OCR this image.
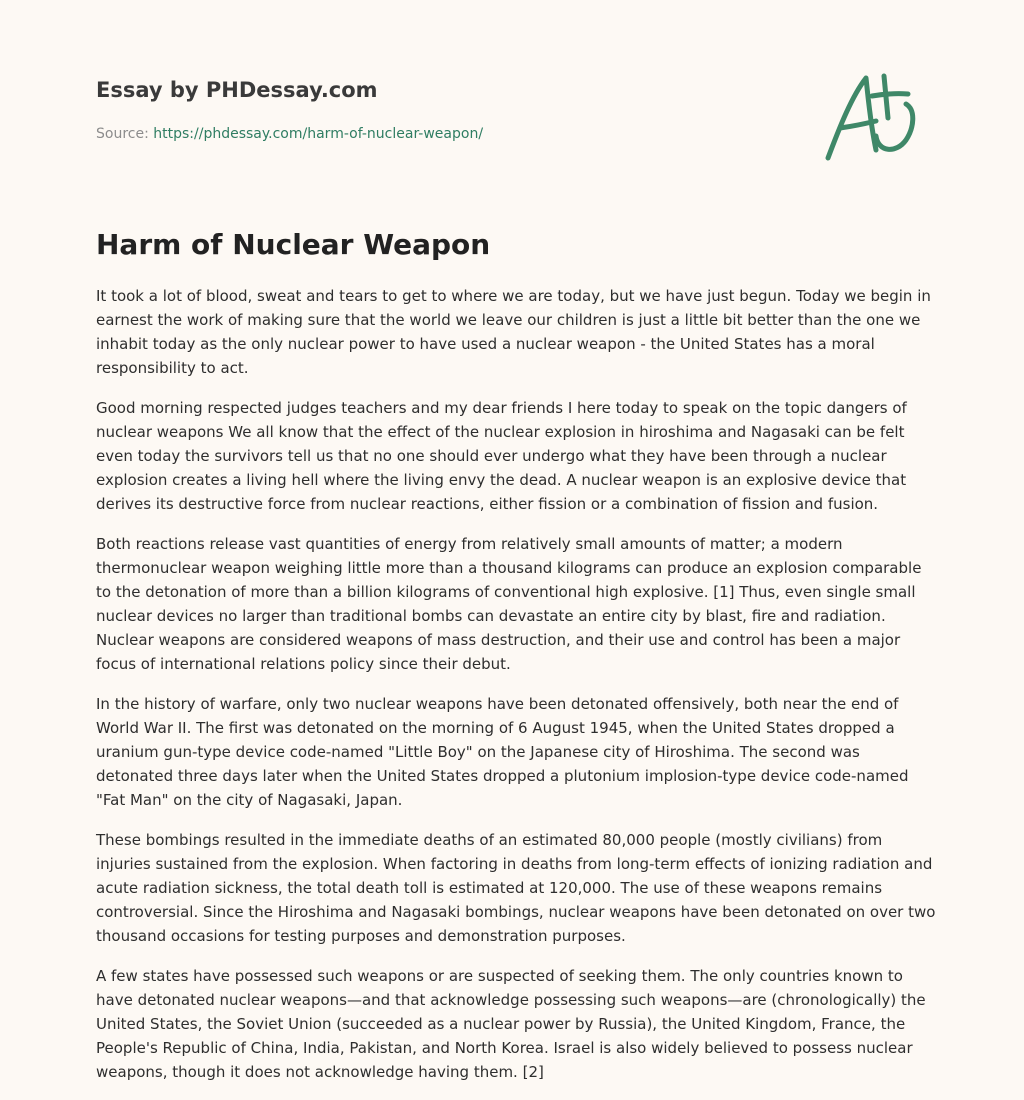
Essay by PHDessay.com
Source: https://phdessay.com/harm-of-nuclear-weapon/
Harm of Nuclear Weapon

It took a lot of blood, sweat and tears to get to where we are today, but we have just begun. Today we begin in earnest the work of making sure that the world we leave our children is just a little bit better than the one we inhabit today as the only nuclear power to have used a nuclear weapon - the United States has a moral responsibility to act.

Good morning respected judges teachers and my dear friends I here today to speak on the topic dangers of nuclear weapons We all know that the effect of the nuclear explosion in hiroshima and Nagasaki can be felt even today the survivors tell us that no one should ever undergo what they have been through a nuclear explosion creates a living hell where the living envy the dead. A nuclear weapon is an explosive device that derives its destructive force from nuclear reactions, either fission or a combination of fission and fusion.

Both reactions release vast quantities of energy from relatively small amounts of matter; a modern thermonuclear weapon weighing little more than a thousand kilograms can produce an explosion comparable to the detonation of more than a billion kilograms of conventional high explosive. [1] Thus, even single small nuclear devices no larger than traditional bombs can devastate an entire city by blast, fire and radiation. Nuclear weapons are considered weapons of mass destruction, and their use and control has been a major focus of international relations policy since their debut.

In the history of warfare, only two nuclear weapons have been detonated offensively, both near the end of World War II. The first was detonated on the morning of 6 August 1945, when the United States dropped a uranium gun-type device code-named "Little Boy" on the Japanese city of Hiroshima. The second was detonated three days later when the United States dropped a plutonium implosion-type device code-named "Fat Man" on the city of Nagasaki, Japan.

These bombings resulted in the immediate deaths of an estimated 80,000 people (mostly civilians) from injuries sustained from the explosion. When factoring in deaths from long-term effects of ionizing radiation and acute radiation sickness, the total death toll is estimated at 120,000. The use of these weapons remains controversial. Since the Hiroshima and Nagasaki bombings, nuclear weapons have been detonated on over two thousand occasions for testing purposes and demonstration purposes.

A few states have possessed such weapons or are suspected of seeking them. The only countries known to have detonated nuclear weapons—and that acknowledge possessing such weapons—are (chronologically) the United States, the Soviet Union (succeeded as a nuclear power by Russia), the United Kingdom, France, the People's Republic of China, India, Pakistan, and North Korea. Israel is also widely believed to possess nuclear weapons, though it does not acknowledge having them. [2]
